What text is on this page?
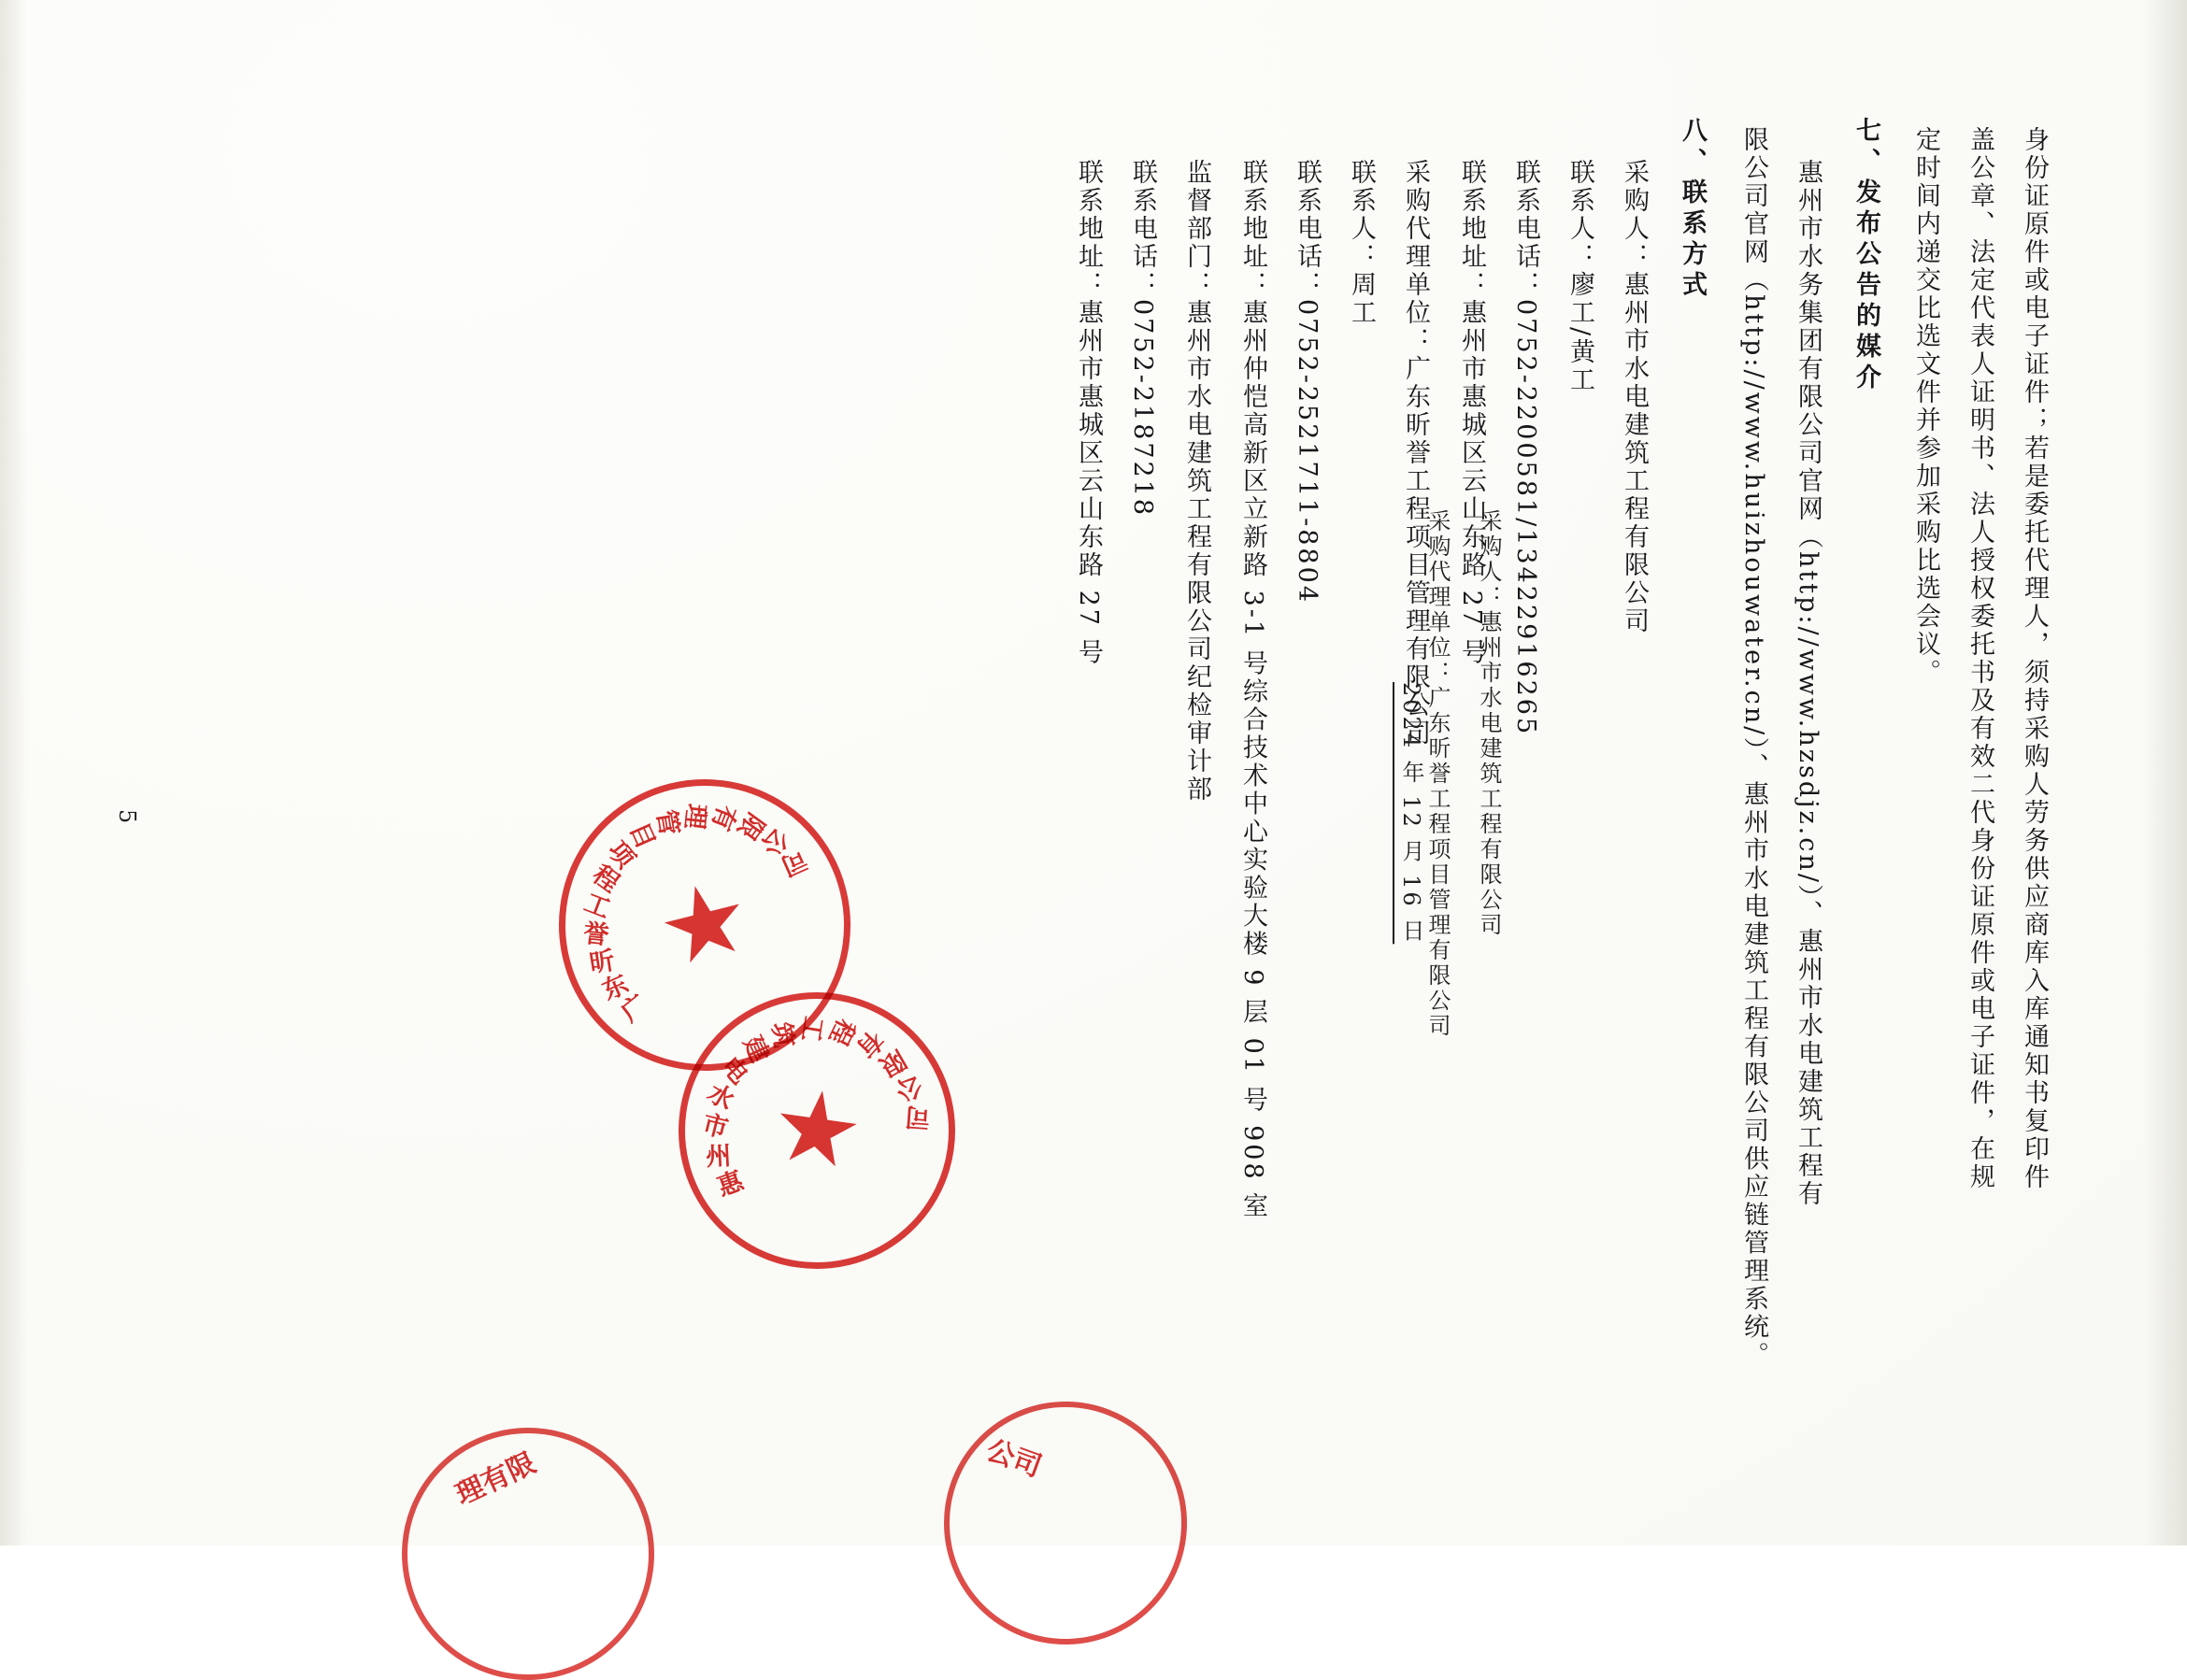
身份证原件或电子证件；若是委托代理人，须持采购人劳务供应商库入库通知书复印件
盖公章、法定代表人证明书、法人授权委托书及有效二代身份证原件或电子证件，在规
定时间内递交比选文件并参加采购比选会议。
七、发布公告的媒介
惠州市水务集团有限公司官网（http://www.hzsdjz.cn/）、惠州市水电建筑工程有
限公司官网（http://www.huizhouwater.cn/）、惠州市水电建筑工程有限公司供应链管理系统。
八、联系方式
采购人：惠州市水电建筑工程有限公司
联系人：廖工/黄工
联系电话：0752-2200581/13422916265
联系地址：惠州市惠城区云山东路 27 号
采购代理单位：广东昕誉工程项目管理有限公司
联系人：周工
联系电话：0752-2521711-8804
联系地址：惠州仲恺高新区立新路 3-1 号综合技术中心实验大楼 9 层 01 号 908 室
监督部门：惠州市水电建筑工程有限公司纪检审计部
联系电话：0752-2187218
联系地址：惠州市惠城区云山东路 27 号
采购代理单位：广东昕誉工程项目管理有限公司 采购人：惠州市水电建筑工程有限公司
2024 年 12 月 16 日
5
广
东
昕
誉
工
程
项
目
管
理
有
限
公
司
惠
州
市
水
电
建
筑
工
程
有
限
公
司
理有限	公司
